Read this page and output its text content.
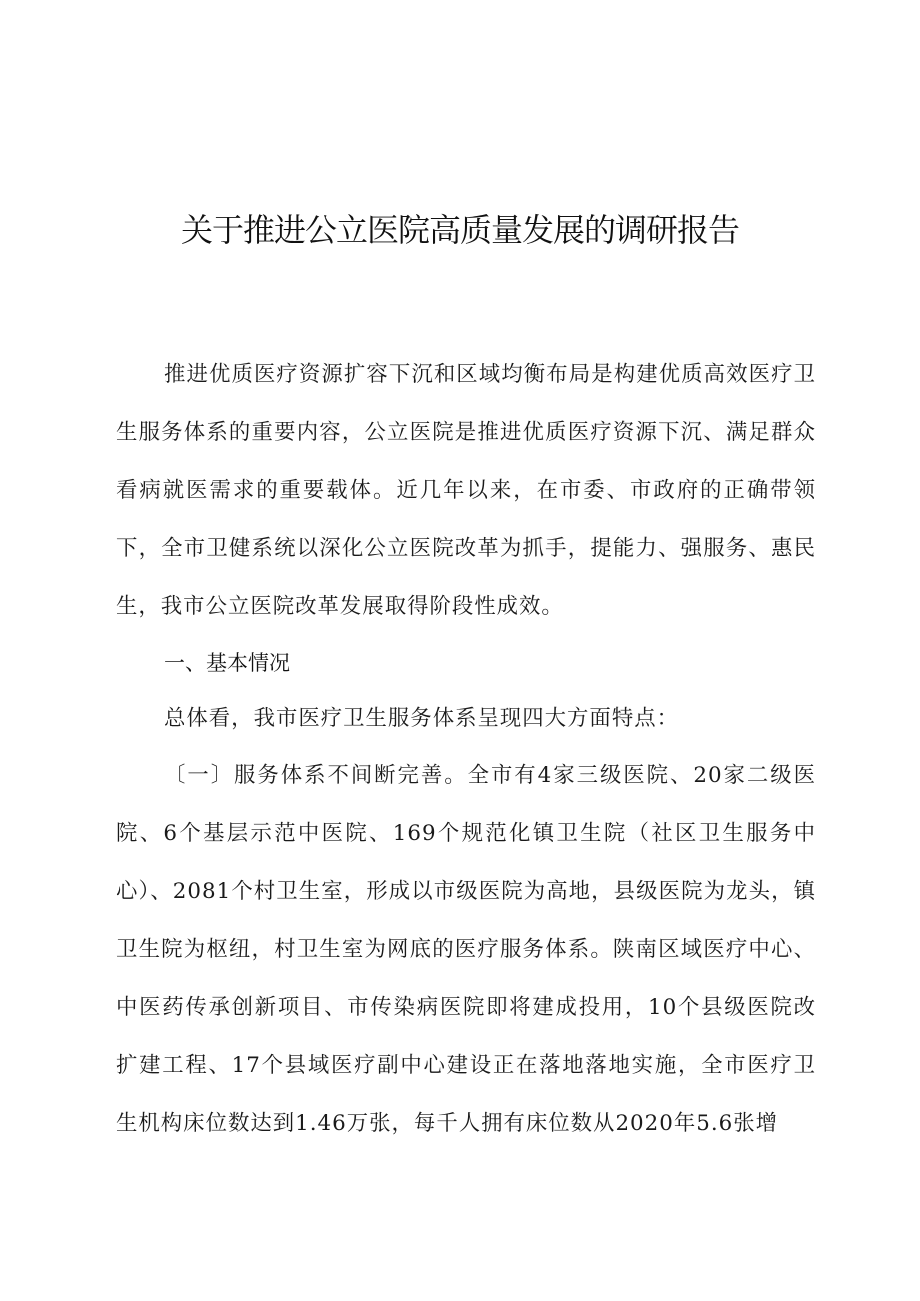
关于推进公立医院高质量发展的调研报告

推进优质医疗资源扩容下沉和区域均衡布局是构建优质高效医疗卫生服务体系的重要内容，公立医院是推进优质医疗资源下沉、满足群众看病就医需求的重要载体。近几年以来，在市委、市政府的正确带领下，全市卫健系统以深化公立医院改革为抓手，提能力、强服务、惠民生，我市公立医院改革发展取得阶段性成效。

一、基本情况

总体看，我市医疗卫生服务体系呈现四大方面特点：

〔一〕服务体系不间断完善。全市有4家三级医院、20家二级医院、6个基层示范中医院、169个规范化镇卫生院（社区卫生服务中心）、2081个村卫生室，形成以市级医院为高地，县级医院为龙头，镇卫生院为枢纽，村卫生室为网底的医疗服务体系。陕南区域医疗中心、中医药传承创新项目、市传染病医院即将建成投用，10个县级医院改扩建工程、17个县域医疗副中心建设正在落地落地实施，全市医疗卫生机构床位数达到1.46万张，每千人拥有床位数从2020年5.6张增
